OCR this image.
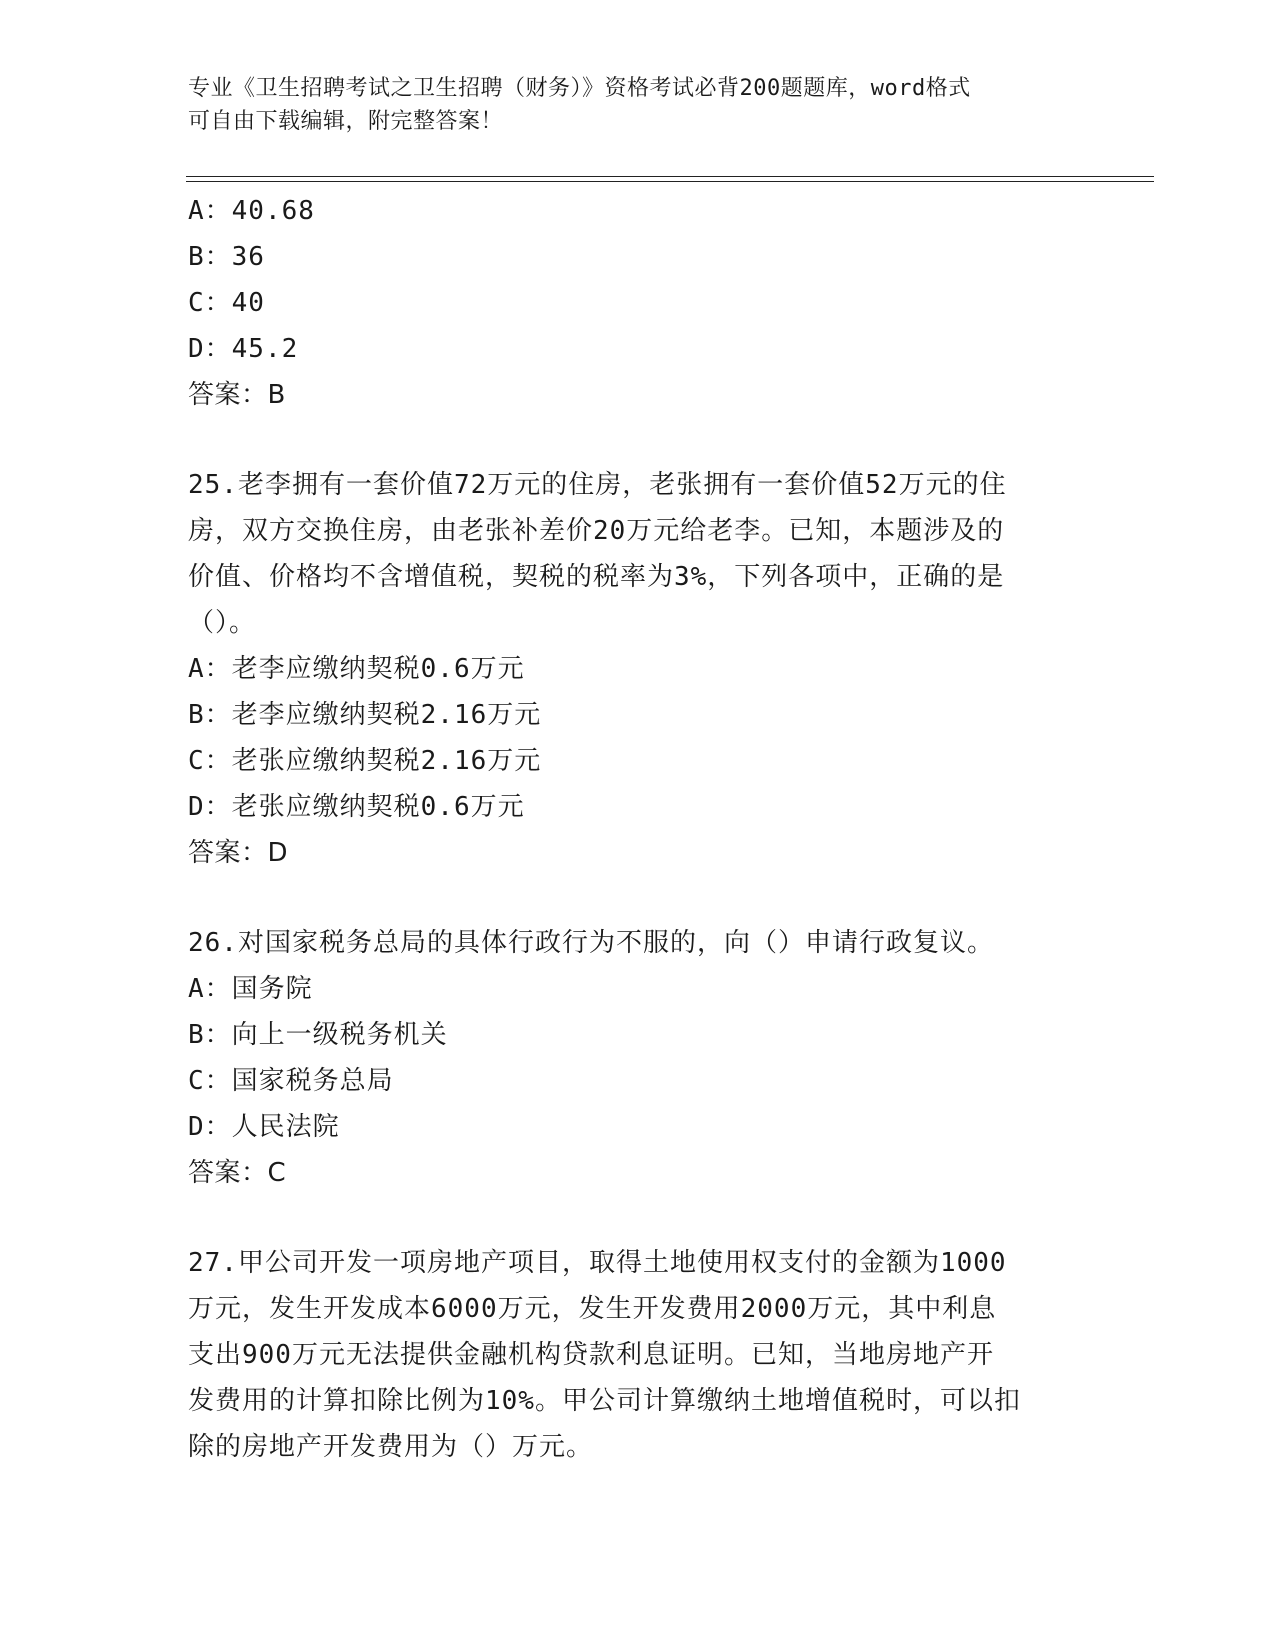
专业《卫生招聘考试之卫生招聘（财务）》资格考试必背200题题库，word格式
可自由下载编辑，附完整答案！
A：40.68
B：36
C：40
D：45.2
答案：B
25.老李拥有一套价值72万元的住房，老张拥有一套价值52万元的住
房，双方交换住房，由老张补差价20万元给老李。已知，本题涉及的
价值、价格均不含增值税，契税的税率为3%，下列各项中，正确的是
（）。
A：老李应缴纳契税0.6万元
B：老李应缴纳契税2.16万元
C：老张应缴纳契税2.16万元
D：老张应缴纳契税0.6万元
答案：D
26.对国家税务总局的具体行政行为不服的，向（）申请行政复议。
A：国务院
B：向上一级税务机关
C：国家税务总局
D：人民法院
答案：C
27.甲公司开发一项房地产项目，取得土地使用权支付的金额为1000
万元，发生开发成本6000万元，发生开发费用2000万元，其中利息
支出900万元无法提供金融机构贷款利息证明。已知，当地房地产开
发费用的计算扣除比例为10%。甲公司计算缴纳土地增值税时，可以扣
除的房地产开发费用为（）万元。
